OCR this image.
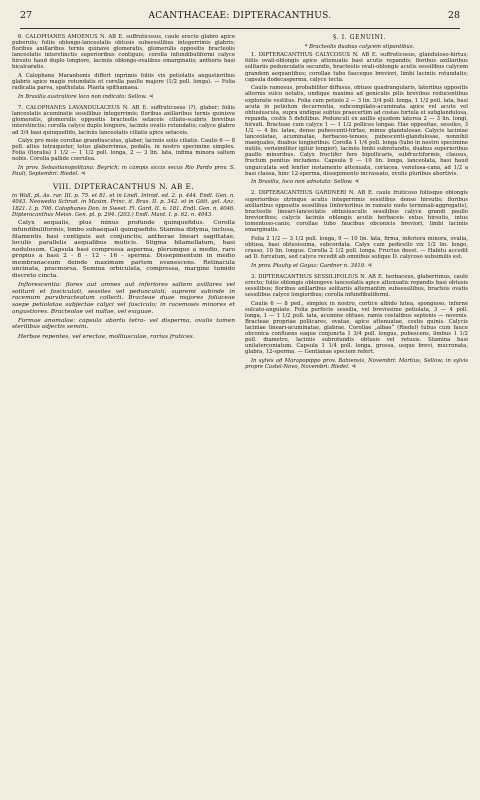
27	ACANTHACEAE: DIPTERACANTHUS.	28

6. CALOPHANES AMOENUS N. AB E. suffruticosus, caule erecto glabro apice puberulo; foliis oblongo-lanceolatis obtusis subsessilibus integerrimis glabris; floribus axillaribus ternis quinave glomeratis, glomerulis oppositis bracteolis lanceolatis interstinctis superioribus contiguis; corolla infundibuliformi calyce hirsuto haud duplo longiore, laciniis oblongo-ovalibus emarginatis; antheris basi bicalcaratis.

A Calophane Maranhonis differt inprimis foliis vix petiolatis angustioribus glabris apice magis rotundatis et corolla paullo majore (1/2 poll. longa). — Folia radicalia parva, spathulata. Planta spithamaea.

In Brasilia australiore loco non indicato: Sellow. ♃

7. CALOPHANES LAVANDULACEUS N. AB E. suffruticosus (?), glaber; foliis lanceolatis acuminatis sessilibus integerrimis; floribus axillaribus ternis quinisve glomeratis, glomerulis oppositis bracteolis setaceis ciliato-scabris brevibus interstinctis; corolla calyce duplo longiore, laciniis ovatis rotundatis; calyce glabro ad 3/4 basi quinquefido, laciniis lanceolatis ciliatis apice setaceis.

Calyx pro mole corollae grandiusculus, glaber, laciniis solis ciliatis. Caulis 6 — 8 poll. altus tetraqueter, totus glaberrimus, pedalis, in nostro specimine simplex. Folia (floralia) 1 1/2 — 1 1/2 poll. longa, 2 — 3 lin. lata, infima minora saltem nobis. Corolla pallide coerulea.

In prov. Sebastianopolitana: Beyrich; in campis siccis secus Rio Pardo prov. S. Pauli, Septembri: Riedel. ♃

VIII. DIPTERACANTHUS N. AB E.

in Wall. pl. As. rar. III. p. 75. et 81. et in Lindl. Introd. ed. 2. p. 444. Endl. Gen. n. 4043. Neowedia Schrad. in Maxim. Princ. it. Bras. II. p. 342. et in Gött. gel. Anz. 1821. I. p. 706. Calophanes Don. in Sweet. Fl. Gard. II. n. 181. Endl. Gen. n. 4046. Dipteracanthus Meisn. Gen. pl. p. 294. (203.) Endl. Mant. I. p. 62. n. 4043.

Calyx aequalis, plus minus profunde quinquefidus. Corolla infundibuliformis, limbo subaequali quinquefido. Stamina didyma, inclusa, filamentis basi contiguis aut conjunctis; antherae lineari sagittatae, loculis parallelis aequalibus muticis. Stigma bilamellatum, basi nodulosum. Capsula basi compressa asperma, plerumque a medio, raro propius a basi 2 - 8 - 12 - 16 - sperma. Dissepimentum in medio membranaceum deinde maximam partem evanescens. Retinacula uncinata, pracmorsa. Semina orbiculata, compressa, margine tumido discreto cincta.

Inflorescentia: flores aut omnes aut inferiores saltem axillares vel solitarii et fasciculati, sessiles vel pedunculati; supremi subinde in racemum parvibracteatum collecti. Bracteae duae majores foliaceae saepe petiolatae subjectae calyci vel fasciculo; in racemosis minores et angustiores. Bracteolae vel nullae, vel exiguae.

Formae anomalae: capsula abortu tetra- vel disperma, ovulis tamen sterilibus adjectis semini.

Herbae repentes, vel erectae, molliusculae, rarius frutices.

§. I. GENUINI.

* Bracteolis duabus calycem stipantibus.

1. DIPTERACANTHUS CALYCOSUS N. AB E. suffruticosus, glanduloso-hirtus; foliis ovali-oblongis apice attenuatis basi acutis repandis; floribus axillaribus solitariis pedunculatis secundis, bracteolis ovali-oblongis acutis sessilibus calycem grandem aequantibus; corollae tubo fauceque breviori, limbi laciniis rotundatis; capsula dodecasperma, calyce tecta.

Caulis ramosus, probabiliter diffusus, obtuse quadrangularis, lateribus oppositis alternis sulco notatis, undique maximo ad geniculis pilis brevibus reducentibus exploratis vestitus. Folia cum petiolo 2 — 3 lin. 3/4 poll. longa, 1 1/2 poll. lata, basi acuta in petiolum decurrentia, subcompilato-acuminata apice vel acuto vel obtusiuscula, supra undique subtus praecertim ad costas hirtula et subglandulosa, repanda, costis 5 debilibus. Pedunculi ex axillis ejusdem laterea 2 — 3 lin. longi, hirsuti. Bracteae cum calyce 1 — 1 1/2 pollices longae. Hae oppositae, sessiles, 3 1/2 — 4 lin. latae, dense pubescenti-hirtae, minus glandulosae. Calycis laciniae lanceolatae, acuminatae, herbaceo-tenues, pubescenti-glandulosae, nonnihil inaequales, duabus longioribus. Corolla 1 1/4 poll. longa (tubo in nostro specimine nutilo, verisimiliter igitur longior), laciniis limbi subrotundis, duabus superioribus paullo minoribus. Calyx fructifer fere bipollicaris, subfructiformis, clausus, fructum penitus includens. Capsula 9 — 10 lin. longa, lanceolata, basi haud unguiculata sed leniter instamento attenuata, coriacea, venulosa-cana, ad 1/2 a basi clausa, hinc 12-sperma, dissepimento incrassato, ovulis pluribus abortivis.

In Brasilia, loco non adnotato: Sellow. ♃

2. DIPTERACANTHUS GARDNERI N. AB E. caule fruticoso foliisque oblongis superioribus utrinque acutis integerrimis sessilibus dense hirsutis; floribus axillaribus oppositis sessilibus (inferioribus in ramulo nudo terminali-aggregatis), bracteolis lineari-lanceolatis obtusiusculis sessilibus calyce grandi paullo brevioribus; calycis laciniis oblongis acutis herbaceis extus hirsutis, intus tomentoso-canis; corollae tubo faucibus obconicis breviori, limbi laciniis emarginatis.

Folia 2 1/2 — 3 1/2 poll. longa, 9 — 10 lin. lata, firma, inferiora minora, ovalia, obtusa, basi obtusissima, subcordata. Calyx cum pedicello vix 1/2 lin. longo, crasso, 10 lin. longus. Corolla 2 1/2 poll. longa. Fructus deest. — Habitu accedit ad D. furcatum, sed calyce recedit ab omnibus solique D. calycoso subsimilis est.

In prov. Piauhy et Goyaz: Gardner n. 3419. ♃

3. DIPTERACANTHUS SESSILIFOLIUS N. AB E. herbaceus, glaberrimus, caule erecto; foliis oblongis oblongove lanceolatis apice attenuatis repandis basi obtusis sessilibus; floribus axillaribus solitariis alternantim subsessilibus, bracteis ovatis sessilibus calyce longioribus; corolla infundibuliformi.

Caulis 6 — 8 ped., simplex in nostro, cortice albido lutea, spongioso, inferne sulcato-angulate. Folia perfecte sessilia, vel brevissime petiolata, 3 — 4 poll. longa, 1 — 1 1/2 poll. lata, acumine obtuso, ramis costalibus septenis — novenis. Bracteae propriae pollicares, ovatae, apice attenuatae, costis quinis. Calycis laciniae lineari-acuminatae, glabrae. Corollae „albae“ (Riedel) tubus cum fauce obconica confluens eaque conjuncta 1 3/4 poll. longus, pubescens, limbus 1 1/2 poll. diametro, laciniis subrotundis obtusis vel retusis. Stamina basi unilaterconiatum. Capsula 1 1/4 poll. longa, grossa, usque brevi, mucronata, glabra, 12-sperma. — Gentianae speciem refert.

In sylvis ad Marapopippo prov. Bahiensis, Novembri: Martius, Sellow; in sylvis propre Castel-Novo, Novembri: Riedel. ♃
